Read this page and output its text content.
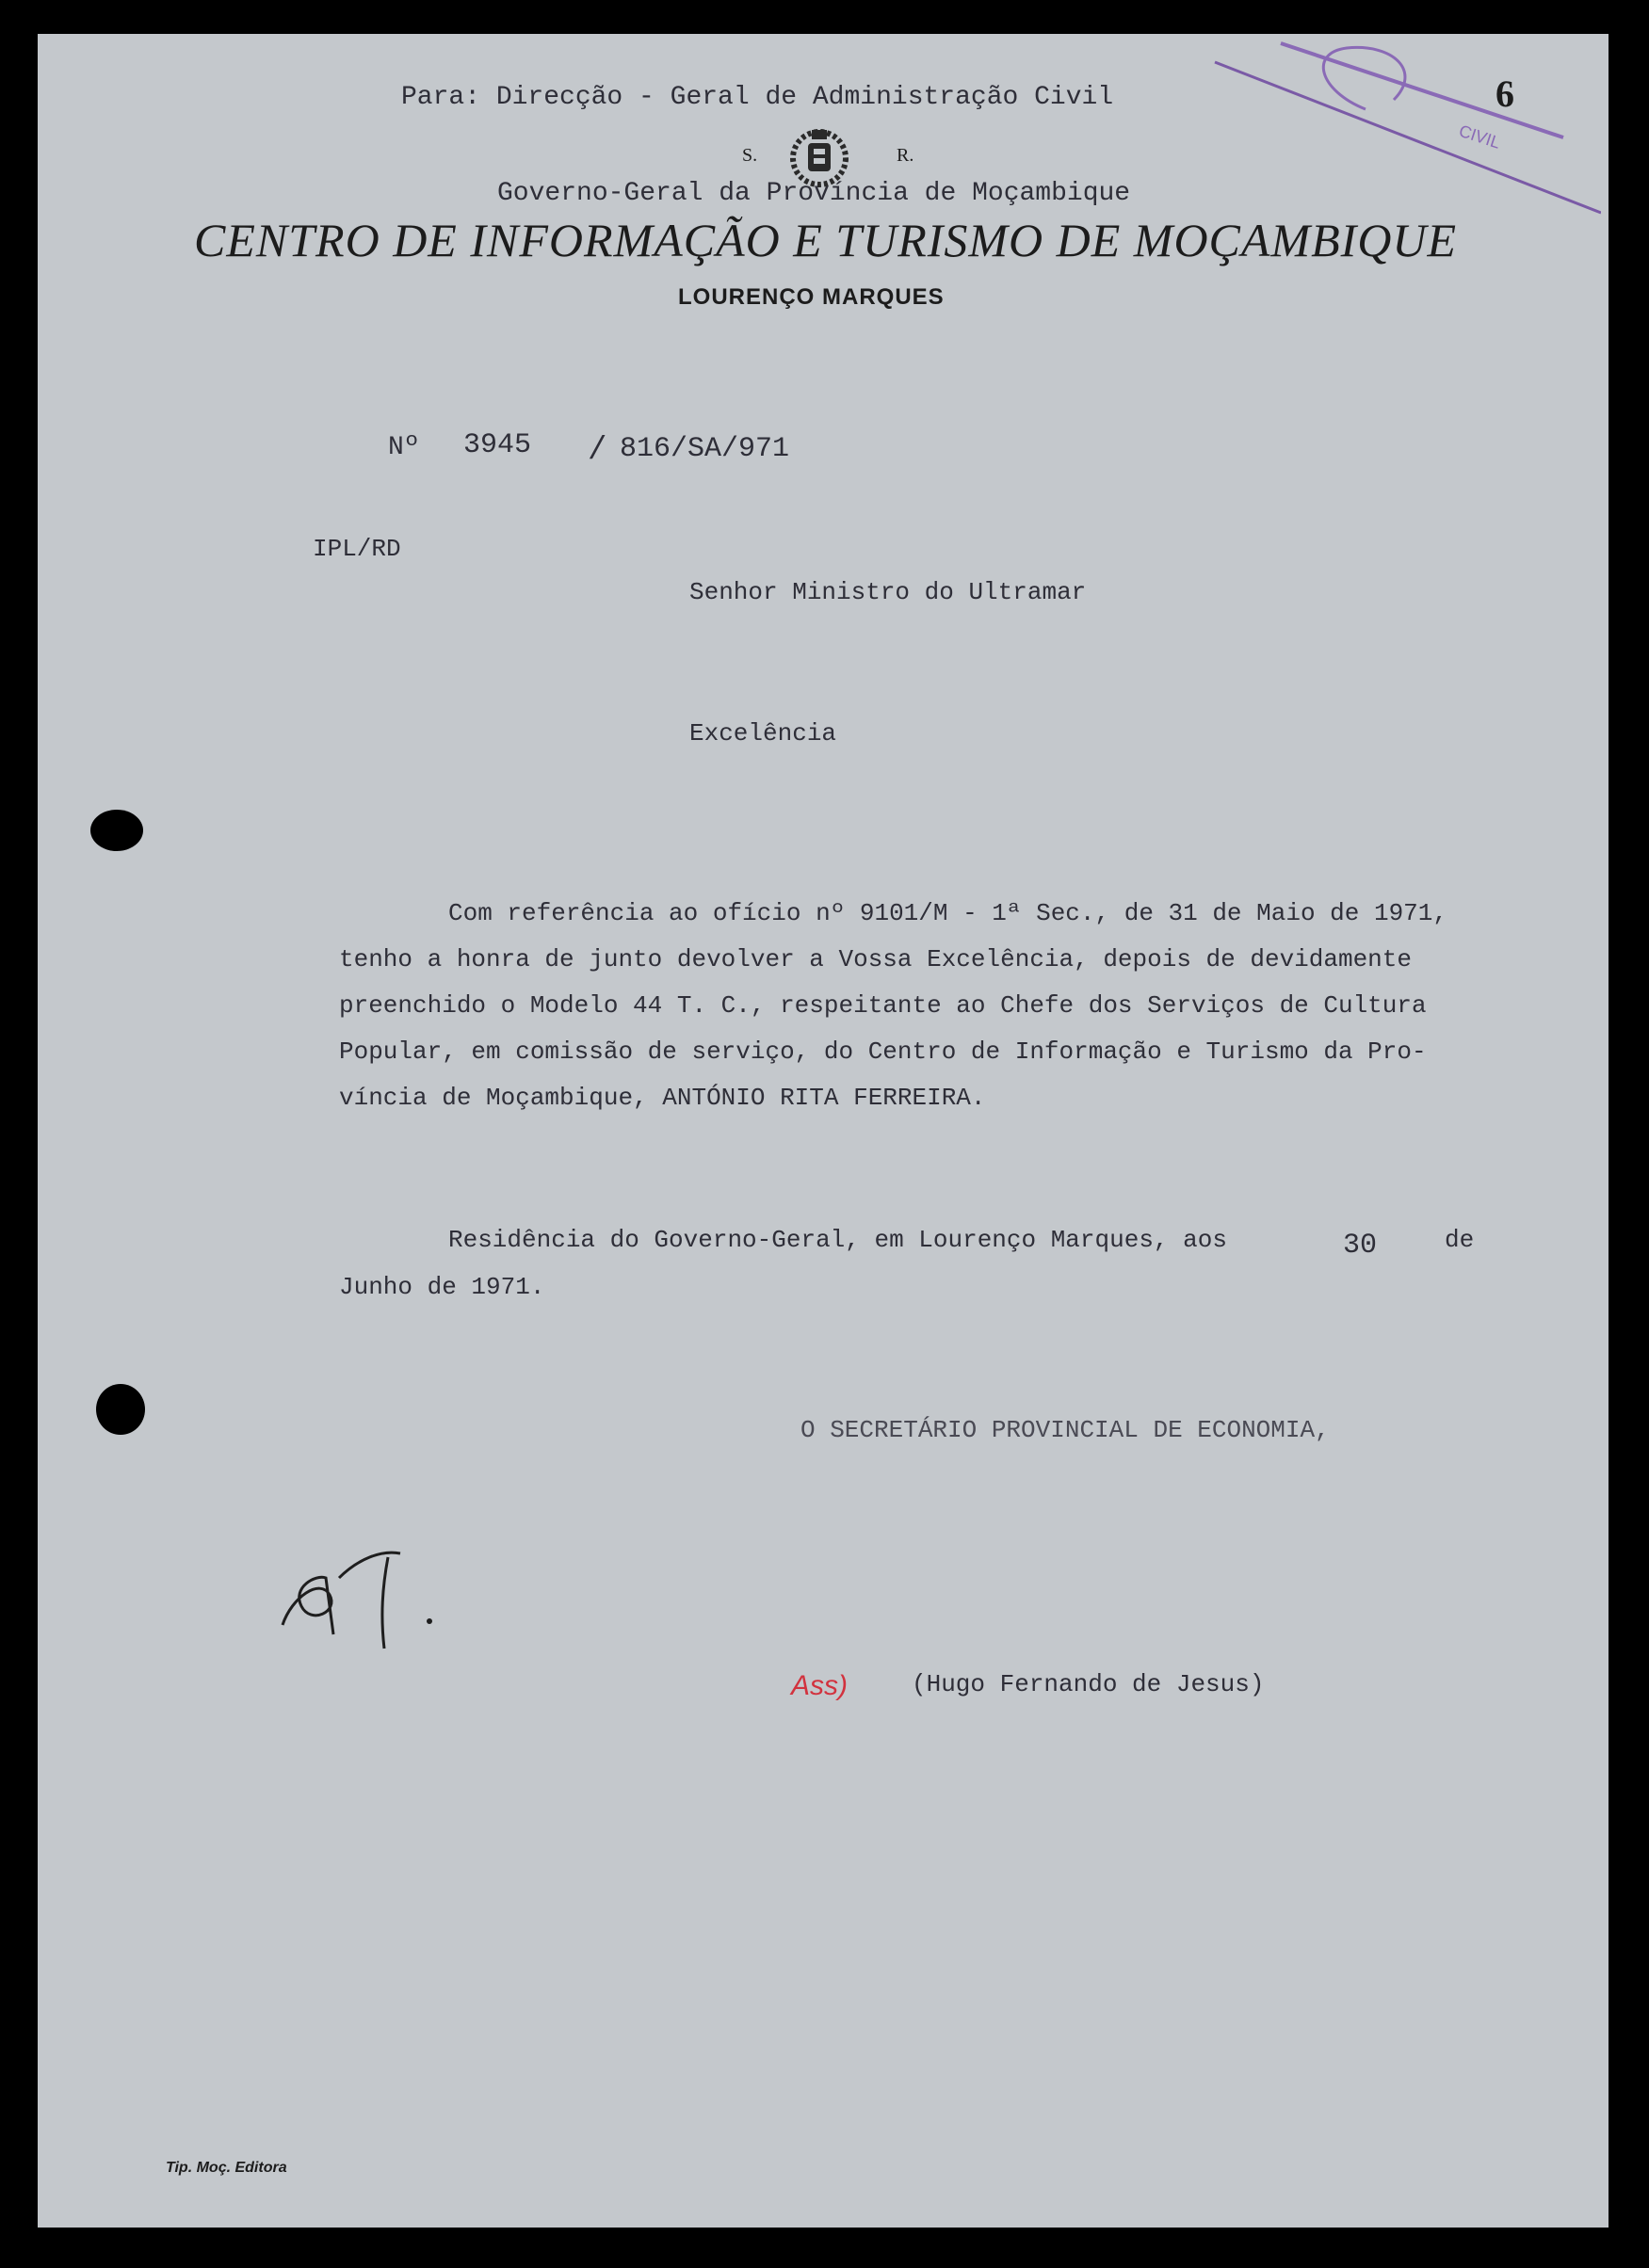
Para: Direcção - Geral de Administração Civil	6
CIVIL
S.	R.
Governo-Geral da Província de Moçambique
CENTRO DE INFORMAÇÃO E TURISMO DE MOÇAMBIQUE
LOURENÇO MARQUES
Nº 3945 / 816/SA/971
IPL/RD
Senhor Ministro do Ultramar
Excelência
Com referência ao ofício nº 9101/M - 1ª Sec., de 31 de Maio de 1971,
tenho a honra de junto devolver a Vossa Excelência, depois de devidamente
preenchido o Modelo 44 T. C., respeitante ao Chefe dos Serviços de Cultura
Popular, em comissão de serviço, do Centro de Informação e Turismo da Pro-
víncia de Moçambique, ANTÓNIO RITA FERREIRA.
Residência do Governo-Geral, em Lourenço Marques, aos	30	de
Junho de 1971.
O SECRETÁRIO PROVINCIAL DE ECONOMIA,
Ass)	(Hugo Fernando de Jesus)
Tip. Moç. Editora
